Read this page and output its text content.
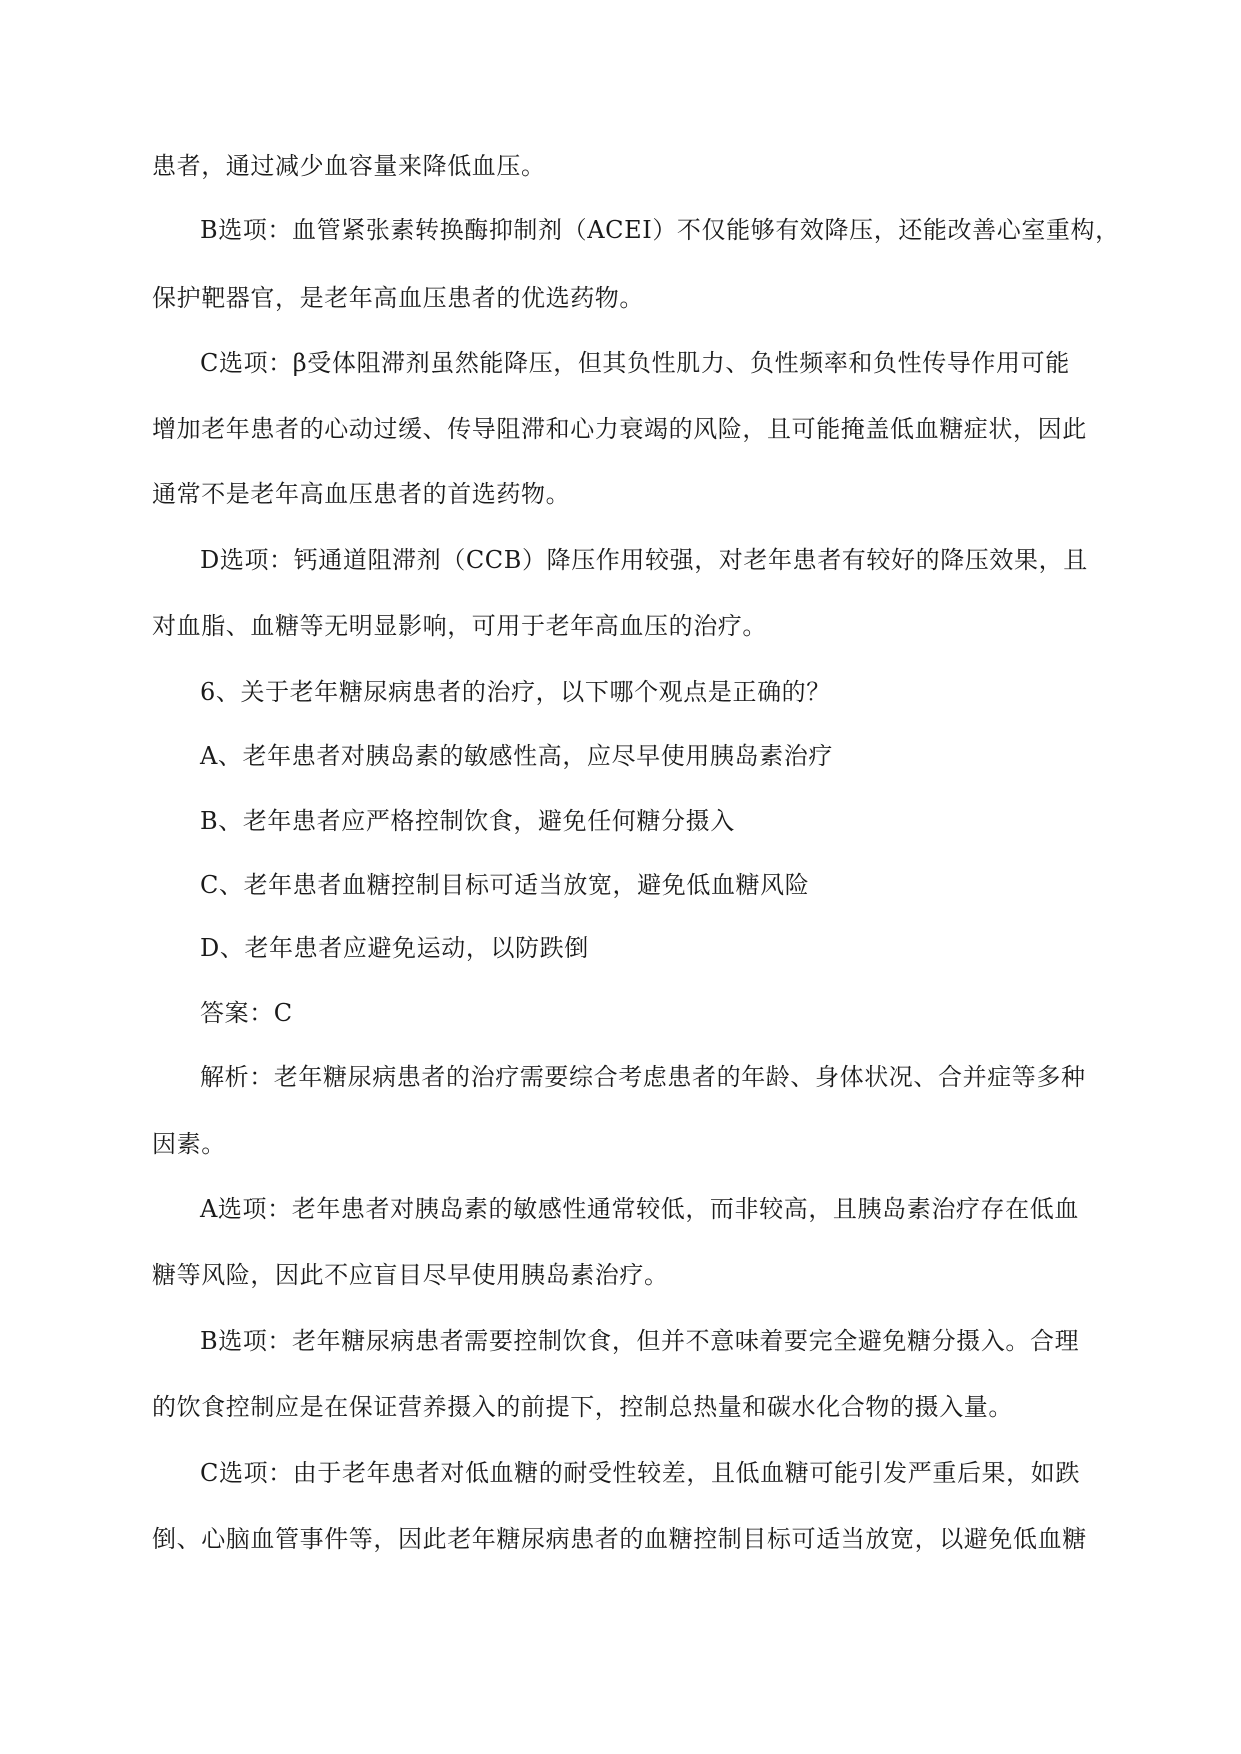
患者，通过减少血容量来降低血压。
B选项：血管紧张素转换酶抑制剂（ACEI）不仅能够有效降压，还能改善心室重构，
保护靶器官，是老年高血压患者的优选药物。
C选项：β受体阻滞剂虽然能降压，但其负性肌力、负性频率和负性传导作用可能
增加老年患者的心动过缓、传导阻滞和心力衰竭的风险，且可能掩盖低血糖症状，因此
通常不是老年高血压患者的首选药物。
D选项：钙通道阻滞剂（CCB）降压作用较强，对老年患者有较好的降压效果，且
对血脂、血糖等无明显影响，可用于老年高血压的治疗。
6、关于老年糖尿病患者的治疗，以下哪个观点是正确的？
A、老年患者对胰岛素的敏感性高，应尽早使用胰岛素治疗
B、老年患者应严格控制饮食，避免任何糖分摄入
C、老年患者血糖控制目标可适当放宽，避免低血糖风险
D、老年患者应避免运动，以防跌倒
答案：C
解析：老年糖尿病患者的治疗需要综合考虑患者的年龄、身体状况、合并症等多种
因素。
A选项：老年患者对胰岛素的敏感性通常较低，而非较高，且胰岛素治疗存在低血
糖等风险，因此不应盲目尽早使用胰岛素治疗。
B选项：老年糖尿病患者需要控制饮食，但并不意味着要完全避免糖分摄入。合理
的饮食控制应是在保证营养摄入的前提下，控制总热量和碳水化合物的摄入量。
C选项：由于老年患者对低血糖的耐受性较差，且低血糖可能引发严重后果，如跌
倒、心脑血管事件等，因此老年糖尿病患者的血糖控制目标可适当放宽，以避免低血糖
